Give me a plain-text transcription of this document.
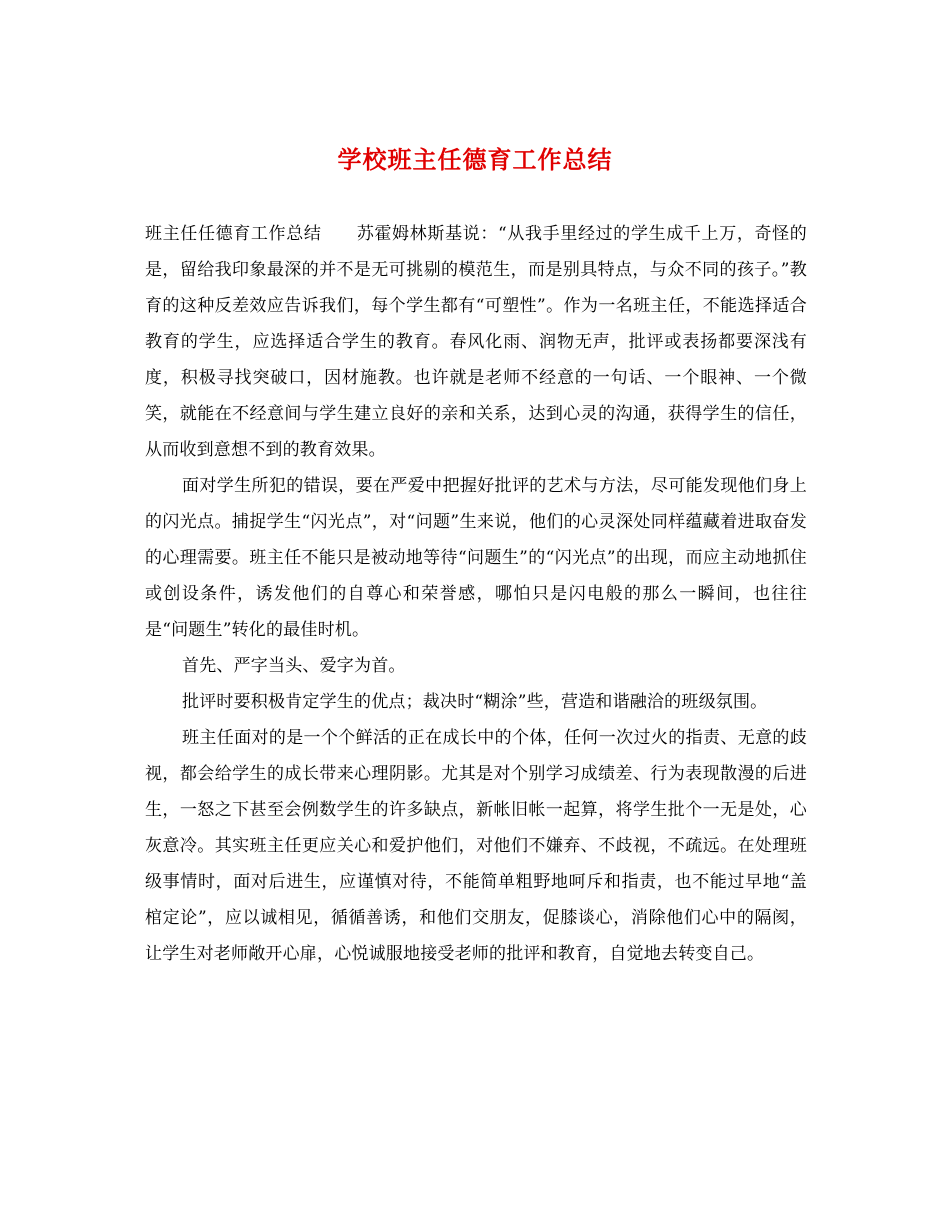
学校班主任德育工作总结

班主任任德育工作总结　　 苏霍姆林斯基说：“从我手里经过的学生成千上万，奇怪的是，留给我印象最深的并不是无可挑剔的模范生，而是别具特点，与众不同的孩子。”教育的这种反差效应告诉我们，每个学生都有“可塑性”。作为一名班主任，不能选择适合教育的学生，应选择适合学生的教育。春风化雨、润物无声，批评或表扬都要深浅有度，积极寻找突破口，因材施教。也许就是老师不经意的一句话、一个眼神、一个微笑，就能在不经意间与学生建立良好的亲和关系，达到心灵的沟通，获得学生的信任，从而收到意想不到的教育效果。

面对学生所犯的错误，要在严爱中把握好批评的艺术与方法，尽可能发现他们身上的闪光点。捕捉学生“闪光点”，对“问题”生来说，他们的心灵深处同样蕴藏着进取奋发的心理需要。班主任不能只是被动地等待“问题生”的“闪光点”的出现，而应主动地抓住或创设条件，诱发他们的自尊心和荣誉感，哪怕只是闪电般的那么一瞬间，也往往是“问题生”转化的最佳时机。

首先、严字当头、爱字为首。

批评时要积极肯定学生的优点；裁决时“糊涂”些，营造和谐融洽的班级氛围。

班主任面对的是一个个鲜活的正在成长中的个体，任何一次过火的指责、无意的歧视，都会给学生的成长带来心理阴影。尤其是对个别学习成绩差、行为表现散漫的后进生，一怒之下甚至会例数学生的许多缺点，新帐旧帐一起算，将学生批个一无是处，心灰意冷。其实班主任更应关心和爱护他们，对他们不嫌弃、不歧视，不疏远。在处理班级事情时，面对后进生，应谨慎对待，不能简单粗野地呵斥和指责，也不能过早地“盖棺定论”，应以诚相见，循循善诱，和他们交朋友，促膝谈心，消除他们心中的隔阂，让学生对老师敞开心扉，心悦诚服地接受老师的批评和教育，自觉地去转变自己。
